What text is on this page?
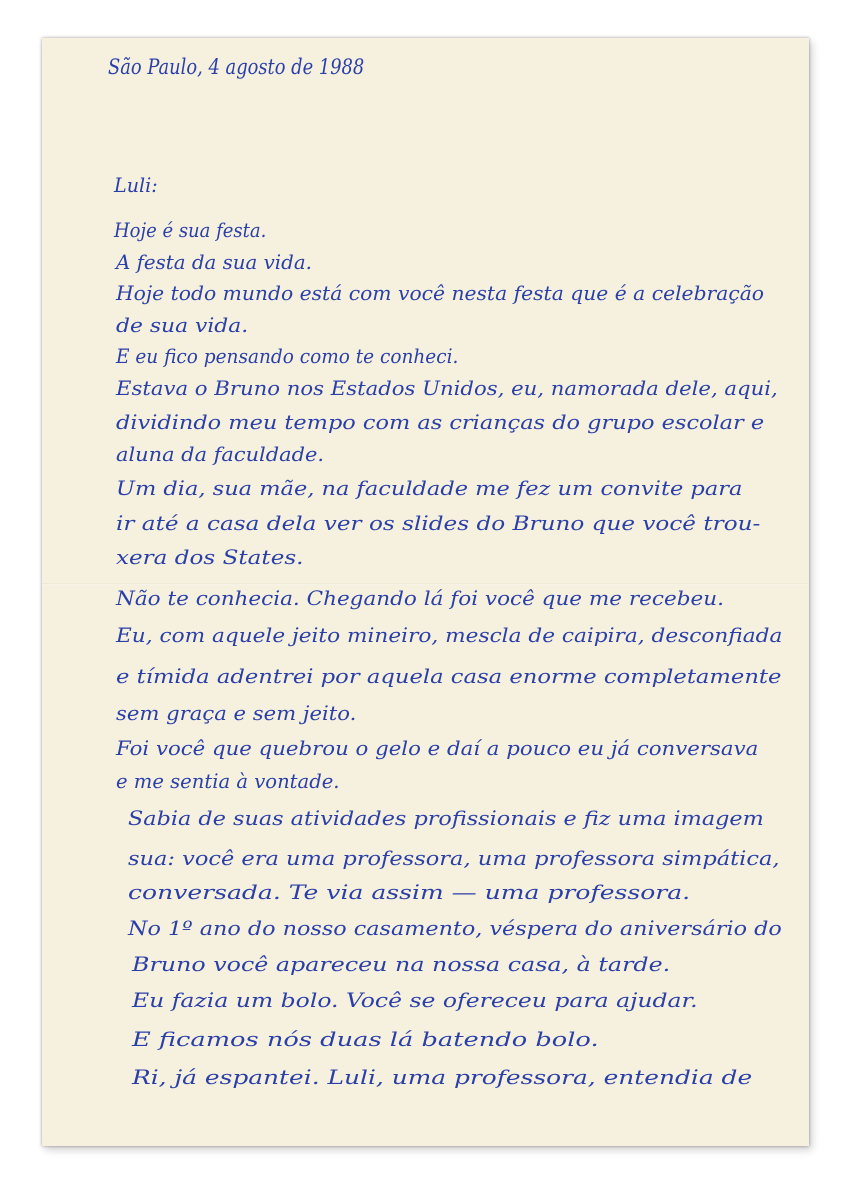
São Paulo, 4 agosto de 1988
Luli:
Hoje é sua festa.
A festa da sua vida.
Hoje todo mundo está com você nesta festa que é a celebração
de sua vida.
E eu fico pensando como te conheci.
Estava o Bruno nos Estados Unidos, eu, namorada dele, aqui,
dividindo meu tempo com as crianças do grupo escolar e
aluna da faculdade.
Um dia, sua mãe, na faculdade me fez um convite para
ir até a casa dela ver os slides do Bruno que você trou-
xera dos States.
Não te conhecia. Chegando lá foi você que me recebeu.
Eu, com aquele jeito mineiro, mescla de caipira, desconfiada
e tímida adentrei por aquela casa enorme completamente
sem graça e sem jeito.
Foi você que quebrou o gelo e daí a pouco eu já conversava
e me sentia à vontade.
Sabia de suas atividades profissionais e fiz uma imagem
sua: você era uma professora, uma professora simpática,
conversada. Te via assim — uma professora.
No 1º ano do nosso casamento, véspera do aniversário do
Bruno você apareceu na nossa casa, à tarde.
Eu fazia um bolo. Você se ofereceu para ajudar.
E ficamos nós duas lá batendo bolo.
Ri, já espantei. Luli, uma professora, entendia de
